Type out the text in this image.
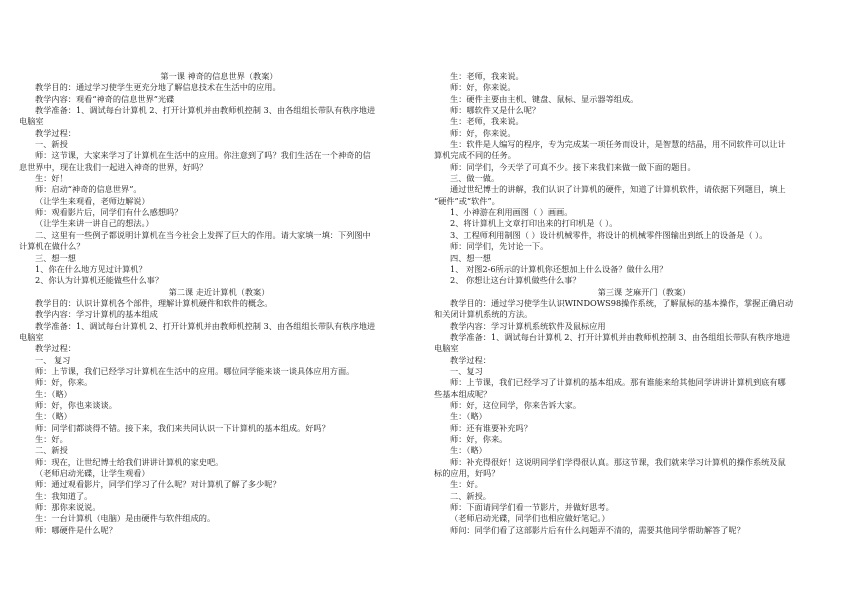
第一课 神奇的信息世界（教案）
教学目的：通过学习使学生更充分地了解信息技术在生活中的应用。
教学内容：观看“神奇的信息世界”光碟
教学准备：1、调试每台计算机 2、打开计算机并由教师机控制 3、由各组组长带队有秩序地进
电脑室
教学过程：
一、新授
师：这节课，大家来学习了计算机在生活中的应用。你注意到了吗？我们生活在一个神奇的信
息世界中，现在让我们一起进入神奇的世界，好吗？
生：好！
师：启动“神奇的信息世界”。
（让学生来观看，老师边解说）
师：观看影片后，同学们有什么感想吗？
（让学生来讲一讲自己的想法。）
二、这里有一些例子都说明计算机在当今社会上发挥了巨大的作用。请大家填一填：下列图中
计算机在做什么？
三、想一想
1、你在什么地方见过计算机？
2、你认为计算机还能做些什么事？
第二课 走近计算机（教案）
教学目的：认识计算机各个部件，理解计算机硬件和软件的概念。
教学内容：学习计算机的基本组成
教学准备：1、调试每台计算机 2、打开计算机并由教师机控制 3、由各组组长带队有秩序地进
电脑室
教学过程：
一、 复习
师：上节课，我们已经学习计算机在生活中的应用。哪位同学能来谈一谈具体应用方面。
师：好，你来。
生：（略）
师：好，你也来谈谈。
生：（略）
师：同学们都谈得不错。接下来，我们来共同认识一下计算机的基本组成。好吗？
生：好。
二、新授
师：现在，让世纪博士给我们讲讲计算机的家史吧。
（老师启动光碟，让学生观看）
师：通过观看影片，同学们学习了什么呢？对计算机了解了多少呢？
生：我知道了。
师：那你来说说。
生：一台计算机（电脑）是由硬件与软件组成的。
师：哪硬件是什么呢？
生：老师，我来说。
师：好，你来说。
生：硬件主要由主机、键盘、鼠标、显示器等组成。
师：哪软件又是什么呢？
生：老师，我来说。
师：好，你来说。
生：软件是人编写的程序，专为完成某一项任务而设计，是智慧的结晶，用不同软件可以让计
算机完成不同的任务。
师：同学们，今天学了可真不少。接下来我们来做一做下面的题目。
三、做一做。
通过世纪博士的讲解，我们认识了计算机的硬件，知道了计算机软件，请依据下列题目，填上
“硬件”或“软件”。
1、小神游在利用画图（ ）画画。
2、将计算机上文章打印出来的打印机是（ ）。
3、工程师利用制图（ ）设计机械零件，将设计的机械零件图输出到纸上的设备是（ ）。
师：同学们，先讨论一下。
四、想一想
1、 对图2-6所示的计算机你还想加上什么设备？做什么用？
2、 你想让这台计算机做些什么事？
第三课 芝麻开门（教案）
教学目的：通过学习使学生认识WINDOWS98操作系统，了解鼠标的基本操作，掌握正确启动
和关闭计算机系统的方法。
教学内容：学习计算机系统软件及鼠标应用
教学准备：1、调试每台计算机 2、打开计算机并由教师机控制 3、由各组组长带队有秩序地进
电脑室
教学过程：
一、复习
师：上节课，我们已经学习了计算机的基本组成。那有谁能来给其他同学讲讲计算机到底有哪
些基本组成呢？
师：好，这位同学，你来告诉大家。
生：（略）
师：还有谁要补充吗？
师：好，你来。
生：（略）
师：补充得很好！这说明同学们学得很认真。那这节课，我们就来学习计算机的操作系统及鼠
标的应用，好吗？
生：好。
二、新授。
师：下面请同学们看一节影片，并做好思考。
（老师启动光碟，同学们也相应做好笔记。）
师问：同学们看了这部影片后有什么问题弄不清的，需要其他同学帮助解答了呢？
